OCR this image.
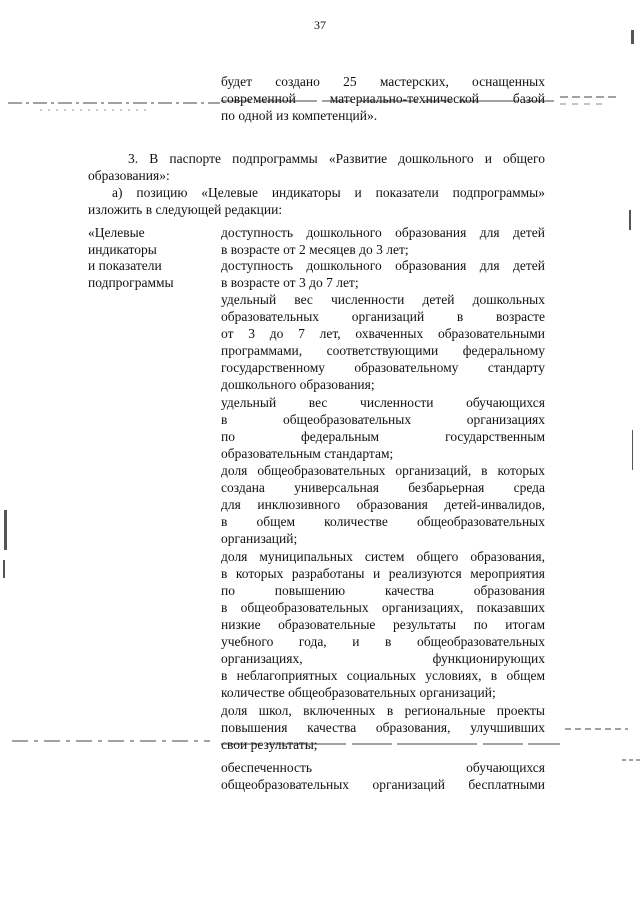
37
будет создано 25 мастерских, оснащенных
современной материально-технической базой
по одной из компетенций».
3. В паспорте подпрограммы «Развитие дошкольного и общего
образования»:
а) позицию «Целевые индикаторы и показатели подпрограммы»
изложить в следующей редакции:
«Целевые
индикаторы
и показатели
подпрограммы
доступность дошкольного образования для детей
в возрасте от 2 месяцев до 3 лет;
доступность дошкольного образования для детей
в возрасте от 3 до 7 лет;
удельный вес численности детей дошкольных
образовательных организаций в возрасте
от 3 до 7 лет, охваченных образовательными
программами, соответствующими федеральному
государственному образовательному стандарту
дошкольного образования;
удельный вес численности обучающихся
в общеобразовательных организациях
по федеральным государственным
образовательным стандартам;
доля общеобразовательных организаций, в которых
создана универсальная безбарьерная среда
для инклюзивного образования детей-инвалидов,
в общем количестве общеобразовательных
организаций;
доля муниципальных систем общего образования,
в которых разработаны и реализуются мероприятия
по повышению качества образования
в общеобразовательных организациях, показавших
низкие образовательные результаты по итогам
учебного года, и в общеобразовательных
организациях, функционирующих
в неблагоприятных социальных условиях, в общем
количестве общеобразовательных организаций;
доля школ, включенных в региональные проекты
повышения качества образования, улучшивших
свои результаты;
обеспеченность обучающихся
общеобразовательных организаций бесплатными
